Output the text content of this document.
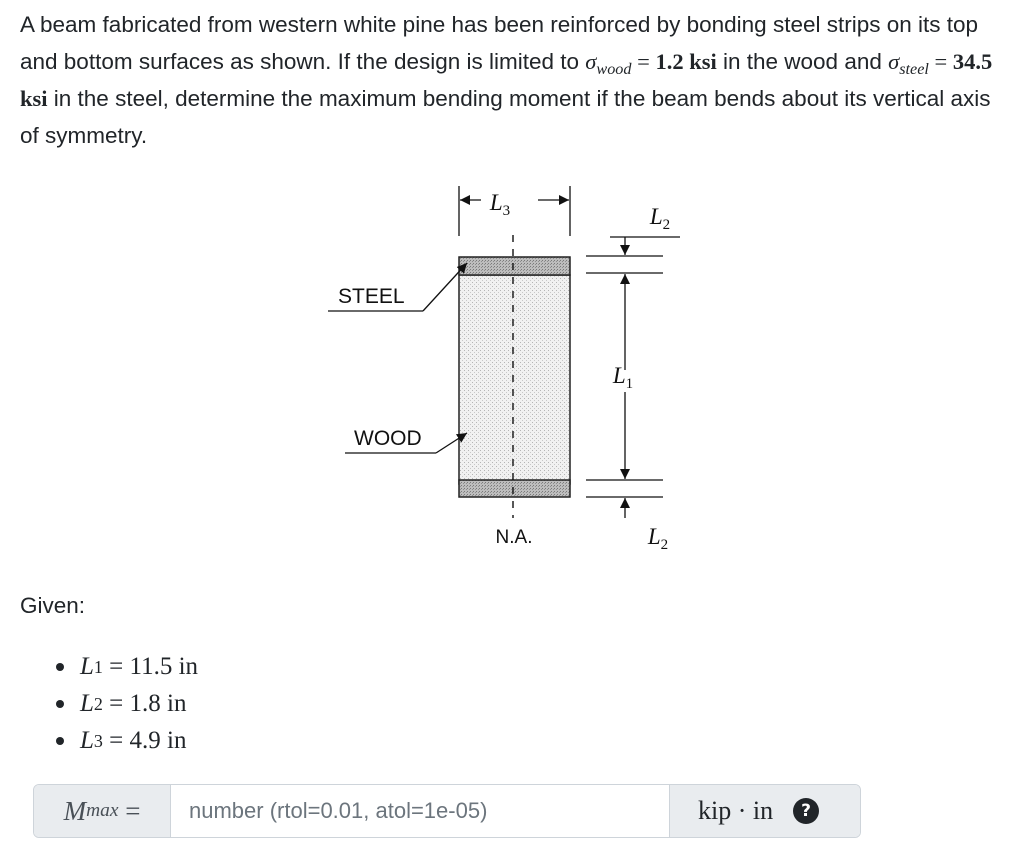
A beam fabricated from western white pine has been reinforced by bonding steel strips on its top and bottom surfaces as shown. If the design is limited to $\sigma_{wood} = 1.2$ ksi in the wood and $\sigma_{steel} = 34.5$ ksi in the steel, determine the maximum bending moment if the beam bends about its vertical axis of symmetry.
N.A.
$L_3$
STEEL
WOOD
$L_2$
$L_1$
$L_2$
Given:
L 1 = 11.5 in
L 2 = 1.8 in
L 3 = 4.9 in
M max =
number (rtol=0.01, atol=1e-05)	kip · in	?
